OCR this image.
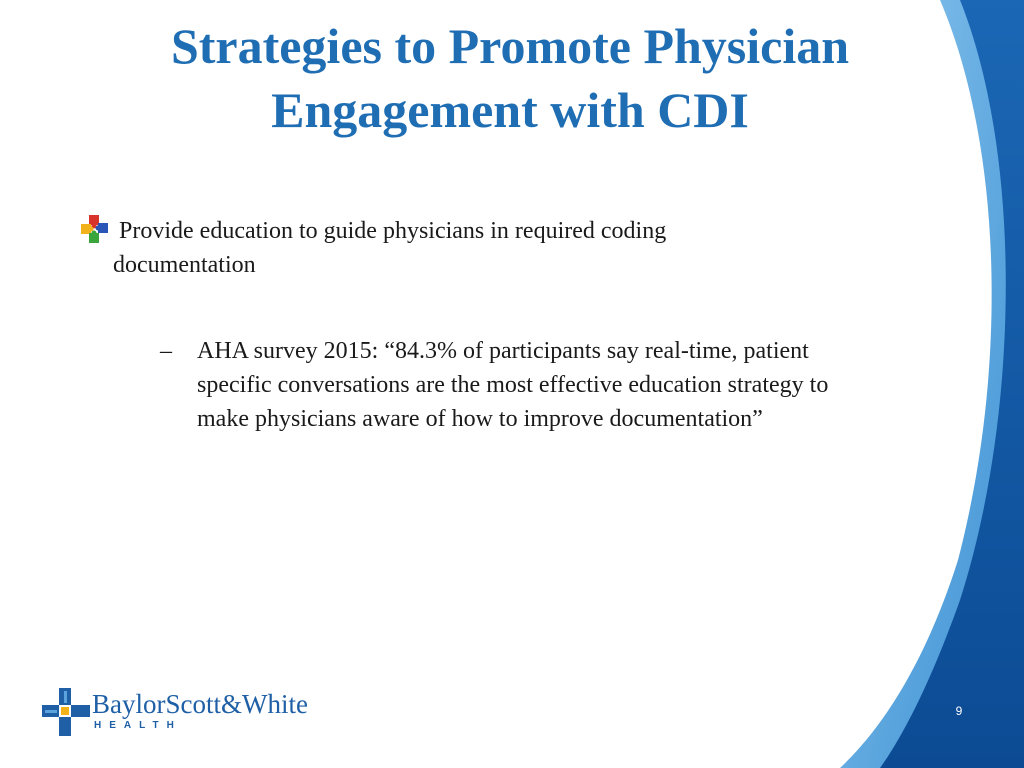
Strategies to Promote Physician
Engagement with CDI
Provide education to guide physicians in required coding documentation
–	AHA survey 2015: “84.3% of participants say real-time, patient specific conversations are the most effective education strategy to make physicians aware of how to improve documentation”
BaylorScott&White
HEALTH
9
